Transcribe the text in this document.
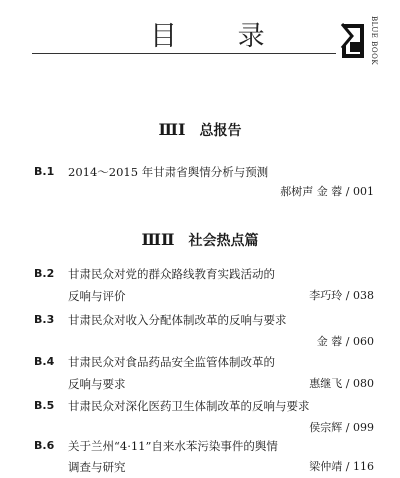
目 录	BLUE BOOK
ⅢⅠ 总报告
B.1 2014～2015 年甘肃省舆情分析与预测
郝树声 金 蓉 / 001
ⅢⅡ 社会热点篇
B.2 甘肃民众对党的群众路线教育实践活动的
反响与评价	李巧玲 / 038
B.3 甘肃民众对收入分配体制改革的反响与要求
金 蓉 / 060
B.4 甘肃民众对食品药品安全监管体制改革的
反响与要求	惠继飞 / 080
B.5 甘肃民众对深化医药卫生体制改革的反响与要求
侯宗辉 / 099
B.6 关于兰州“4·11”自来水苯污染事件的舆情
调查与研究	梁仲靖 / 116
